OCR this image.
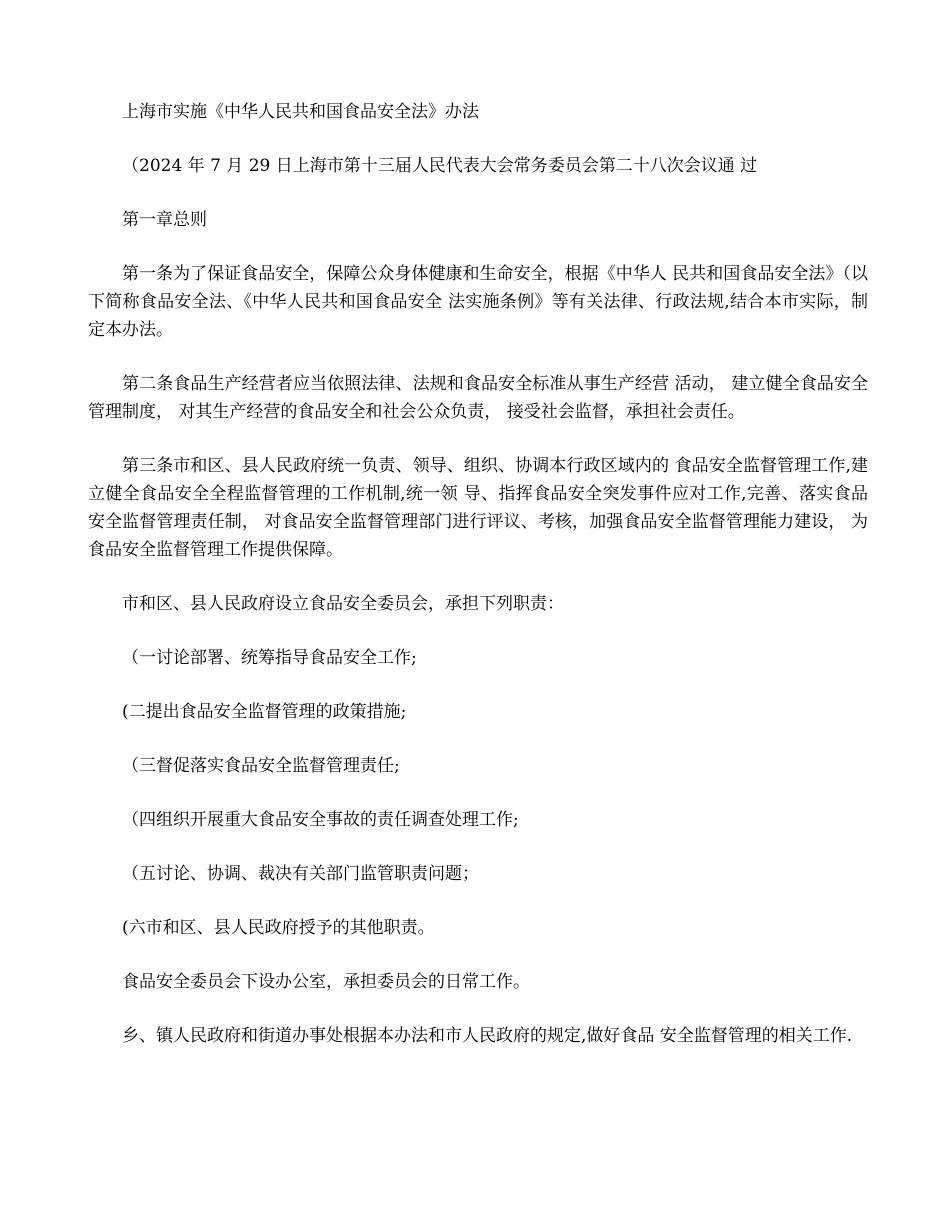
上海市实施《中华人民共和国食品安全法》办法

（2024 年 7 月 29 日上海市第十三届人民代表大会常务委员会第二十八次会议通 过

第一章总则

第一条为了保证食品安全，保障公众身体健康和生命安全，根据《中华人 民共和国食品安全法》（以下简称食品安全法、《中华人民共和国食品安全 法实施条例》等有关法律、行政法规,结合本市实际，制定本办法。

第二条食品生产经营者应当依照法律、法规和食品安全标准从事生产经营 活动， 建立健全食品安全管理制度， 对其生产经营的食品安全和社会公众负责， 接受社会监督，承担社会责任。

第三条市和区、县人民政府统一负责、领导、组织、协调本行政区域内的 食品安全监督管理工作,建立健全食品安全全程监督管理的工作机制,统一领 导、指挥食品安全突发事件应对工作,完善、落实食品安全监督管理责任制， 对食品安全监督管理部门进行评议、考核，加强食品安全监督管理能力建设， 为食品安全监督管理工作提供保障。

市和区、县人民政府设立食品安全委员会，承担下列职责：

（一讨论部署、统筹指导食品安全工作;

(二提出食品安全监督管理的政策措施;

（三督促落实食品安全监督管理责任;

（四组织开展重大食品安全事故的责任调查处理工作;

（五讨论、协调、裁决有关部门监管职责问题；

(六市和区、县人民政府授予的其他职责。

食品安全委员会下设办公室，承担委员会的日常工作。

乡、镇人民政府和街道办事处根据本办法和市人民政府的规定,做好食品 安全监督管理的相关工作.
